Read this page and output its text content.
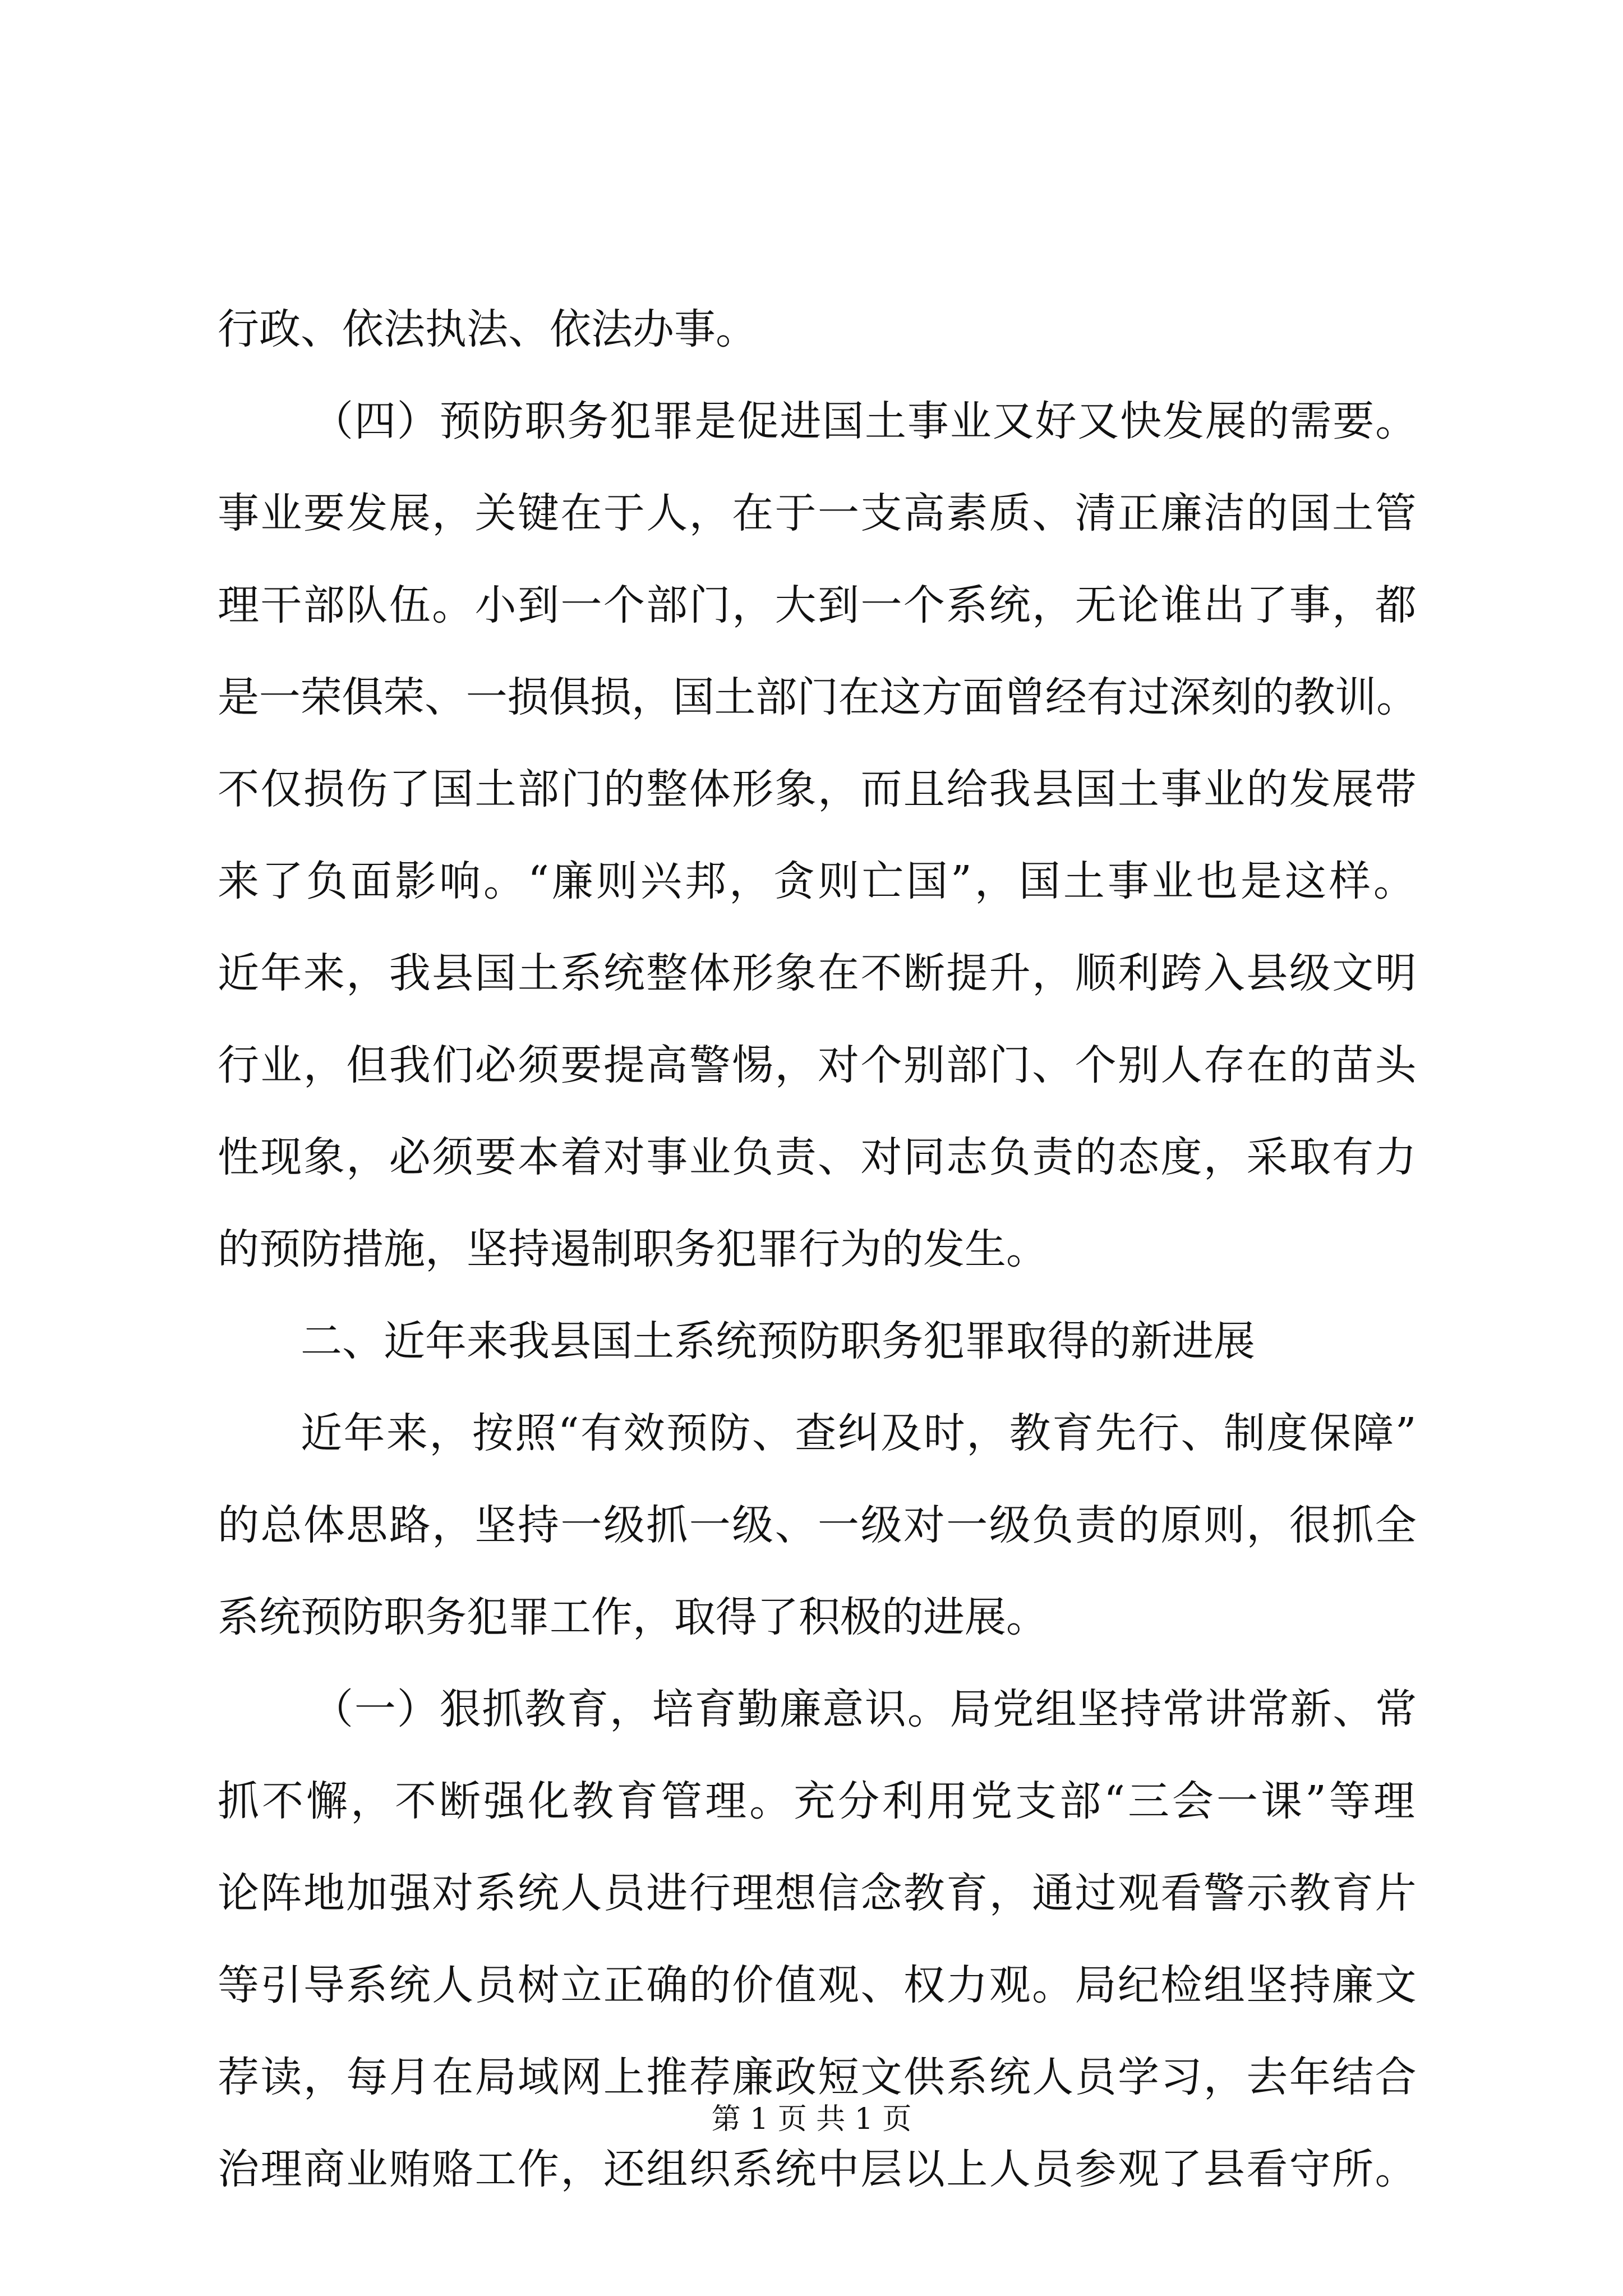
行政、依法执法、依法办事。
（四）预防职务犯罪是促进国土事业又好又快发展的需要。
事业要发展，关键在于人，在于一支高素质、清正廉洁的国土管
理干部队伍。小到一个部门，大到一个系统，无论谁出了事，都
是一荣俱荣、一损俱损，国土部门在这方面曾经有过深刻的教训。
不仅损伤了国土部门的整体形象，而且给我县国土事业的发展带
来了负面影响。“廉则兴邦，贪则亡国”，国土事业也是这样。
近年来，我县国土系统整体形象在不断提升，顺利跨入县级文明
行业，但我们必须要提高警惕，对个别部门、个别人存在的苗头
性现象，必须要本着对事业负责、对同志负责的态度，采取有力
的预防措施，坚持遏制职务犯罪行为的发生。
二、近年来我县国土系统预防职务犯罪取得的新进展
近年来，按照“有效预防、查纠及时，教育先行、制度保障”
的总体思路，坚持一级抓一级、一级对一级负责的原则，很抓全
系统预防职务犯罪工作，取得了积极的进展。
（一）狠抓教育，培育勤廉意识。局党组坚持常讲常新、常
抓不懈，不断强化教育管理。充分利用党支部“三会一课”等理
论阵地加强对系统人员进行理想信念教育，通过观看警示教育片
等引导系统人员树立正确的价值观、权力观。局纪检组坚持廉文
荐读，每月在局域网上推荐廉政短文供系统人员学习，去年结合
治理商业贿赂工作，还组织系统中层以上人员参观了县看守所。
第 1 页 共 1 页
